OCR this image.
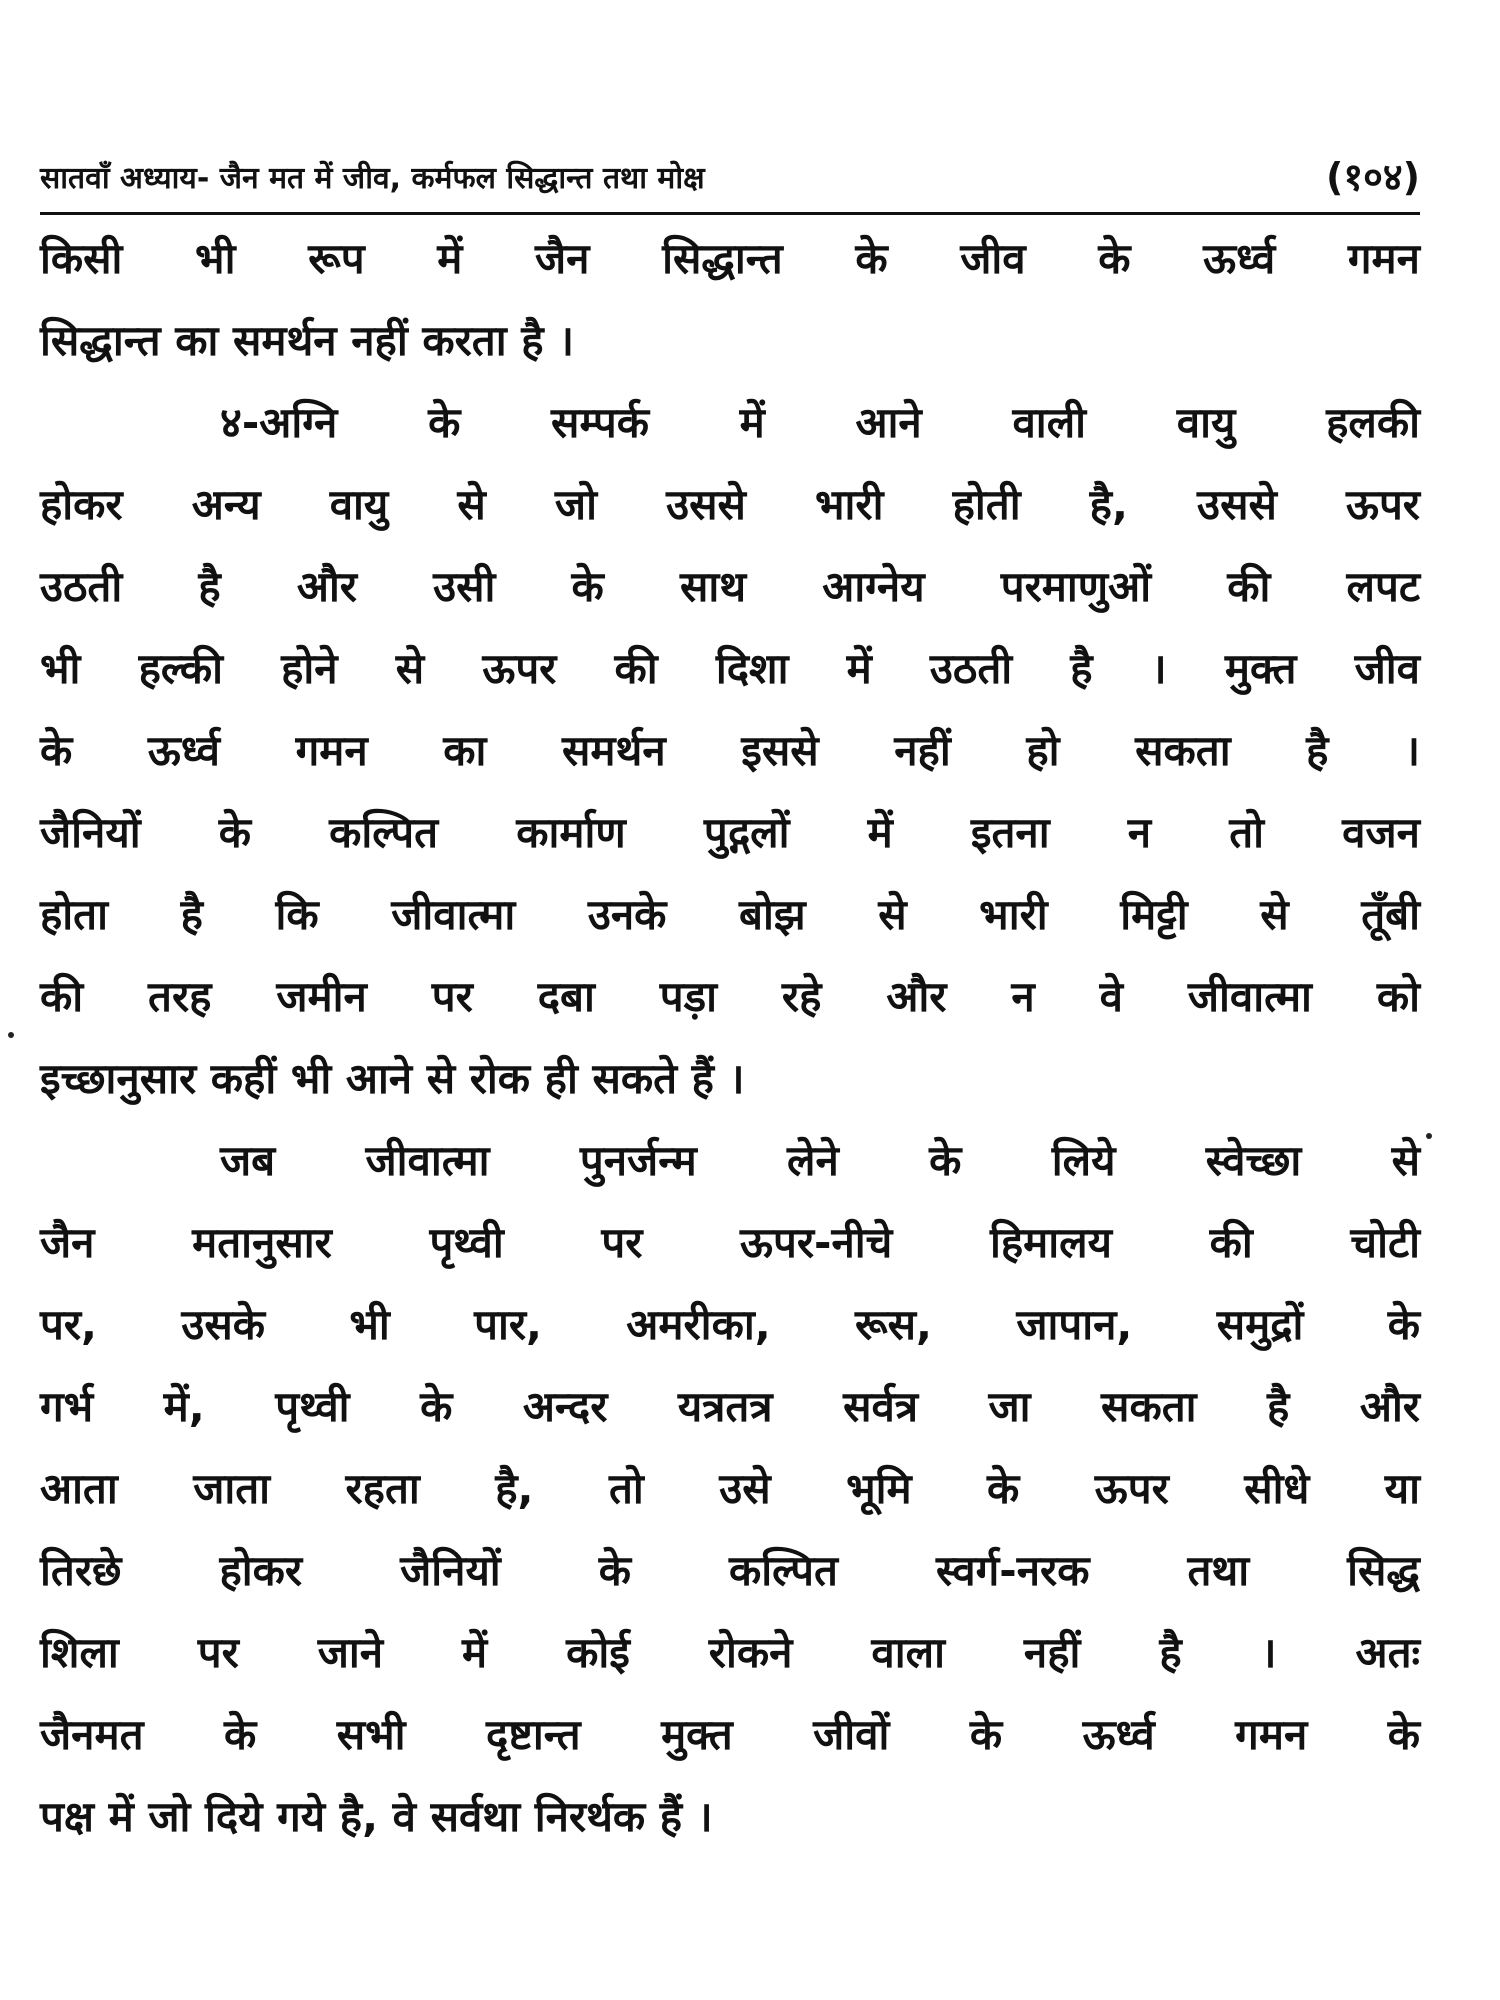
सातवाँ अध्याय- जैन मत में जीव, कर्मफल सिद्धान्त तथा मोक्ष	(१०४)
किसी भी रूप में जैन सिद्धान्त के जीव के ऊर्ध्व गमन
सिद्धान्त का समर्थन नहीं करता है ।
४-अग्नि के सम्पर्क में आने वाली वायु हलकी
होकर अन्य वायु से जो उससे भारी होती है, उससे ऊपर
उठती है और उसी के साथ आग्नेय परमाणुओं की लपट
भी हल्की होने से ऊपर की दिशा में उठती है । मुक्त जीव
के ऊर्ध्व गमन का समर्थन इससे नहीं हो सकता है ।
जैनियों के कल्पित कार्माण पुद्गलों में इतना न तो वजन
होता है कि जीवात्मा उनके बोझ से भारी मिट्टी से तूँबी
की तरह जमीन पर दबा पड़ा रहे और न वे जीवात्मा को
इच्छानुसार कहीं भी आने से रोक ही सकते हैं ।
जब जीवात्मा पुनर्जन्म लेने के लिये स्वेच्छा से
जैन मतानुसार पृथ्वी पर ऊपर-नीचे हिमालय की चोटी
पर, उसके भी पार, अमरीका, रूस, जापान, समुद्रों के
गर्भ में, पृथ्वी के अन्दर यत्रतत्र सर्वत्र जा सकता है और
आता जाता रहता है, तो उसे भूमि के ऊपर सीधे या
तिरछे होकर जैनियों के कल्पित स्वर्ग-नरक तथा सिद्ध
शिला पर जाने में कोई रोकने वाला नहीं है । अतः
जैनमत के सभी दृष्टान्त मुक्त जीवों के ऊर्ध्व गमन के
पक्ष में जो दिये गये है, वे सर्वथा निरर्थक हैं ।
